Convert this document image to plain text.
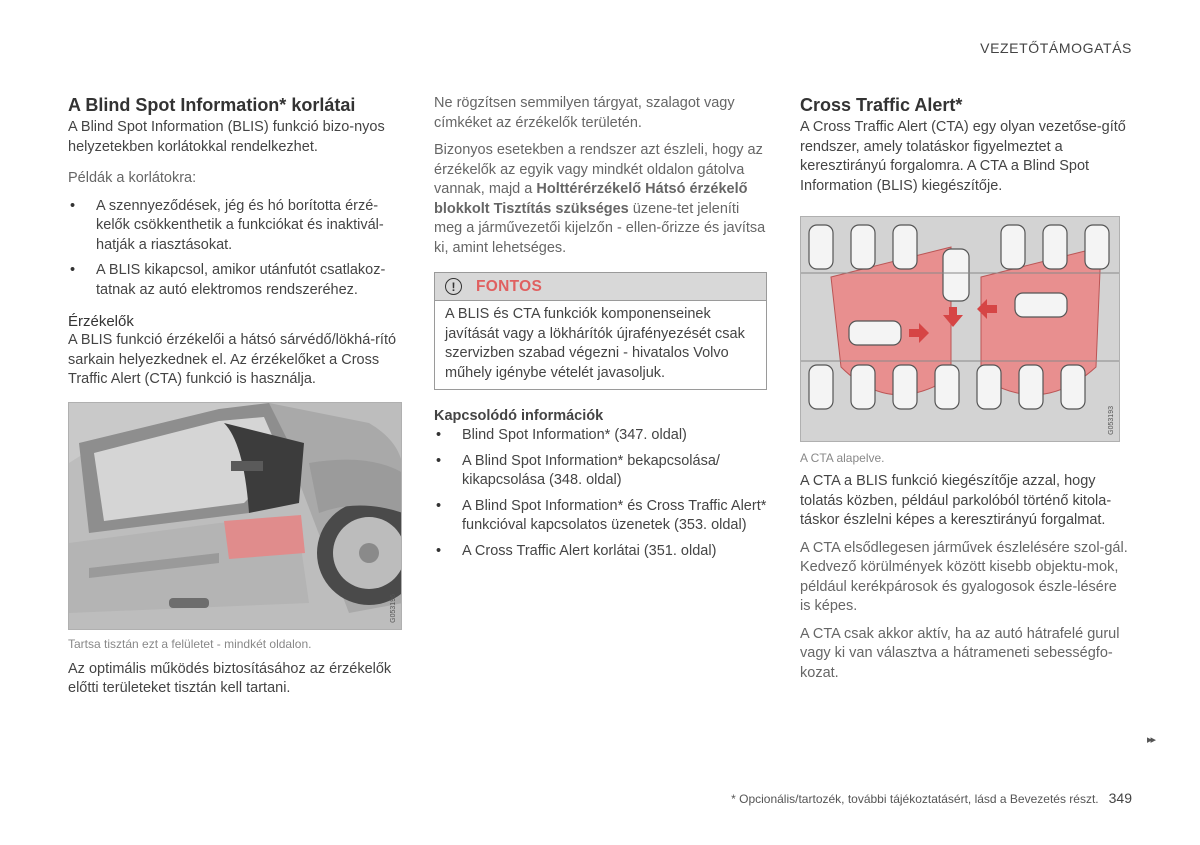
VEZETŐTÁMOGATÁS
A Blind Spot Information* korlátai

A Blind Spot Information (BLIS) funkció bizo-nyos helyzetekben korlátokkal rendelkezhet.

Példák a korlátokra:

• A szennyeződések, jég és hó borította érzé-kelők csökkenthetik a funkciókat és inaktivál-hatják a riasztásokat.
• A BLIS kikapcsol, amikor utánfutót csatlakoz-tatnak az autó elektromos rendszeréhez.
Érzékelők

A BLIS funkció érzékelői a hátsó sárvédő/lökhá-rító sarkain helyezkednek el. Az érzékelőket a Cross Traffic Alert (CTA) funkció is használja.

G053196

Tartsa tisztán ezt a felületet - mindkét oldalon.

Az optimális működés biztosításához az érzékelők előtti területeket tisztán kell tartani.

Ne rögzítsen semmilyen tárgyat, szalagot vagy címkéket az érzékelők területén.

Bizonyos esetekben a rendszer azt észleli, hogy az érzékelők az egyik vagy mindkét oldalon gátolva vannak, majd a Holttérérzékelő Hátsó érzékelő blokkolt Tisztítás szükséges üzene-tet jeleníti meg a járművezetői kijelzőn - ellen-őrizze és javítsa ki, amint lehetséges.

!	FONTOS
A BLIS és CTA funkciók komponenseinek javítását vagy a lökhárítók újrafényezését csak szervizben szabad végezni - hivatalos Volvo műhely igénybe vételét javasoljuk.
Kapcsolódó információk
• Blind Spot Information* (347. oldal)
• A Blind Spot Information* bekapcsolása/ kikapcsolása (348. oldal)
• A Blind Spot Information* és Cross Traffic Alert* funkcióval kapcsolatos üzenetek (353. oldal)
• A Cross Traffic Alert korlátai (351. oldal)
Cross Traffic Alert*

A Cross Traffic Alert (CTA) egy olyan vezetőse-gítő rendszer, amely tolatáskor figyelmeztet a keresztirányú forgalomra. A CTA a Blind Spot Information (BLIS) kiegészítője.

G053193

A CTA alapelve.

A CTA a BLIS funkció kiegészítője azzal, hogy tolatás közben, például parkolóból történő kitola-táskor észlelni képes a keresztirányú forgalmat.

A CTA elsődlegesen járművek észlelésére szol-gál. Kedvező körülmények között kisebb objektu-mok, például kerékpárosok és gyalogosok észle-lésére is képes.

A CTA csak akkor aktív, ha az autó hátrafelé gurul vagy ki van választva a hátrameneti sebességfo-kozat.

▸▸
* Opcionális/tartozék, további tájékoztatásért, lásd a Bevezetés részt. 349
